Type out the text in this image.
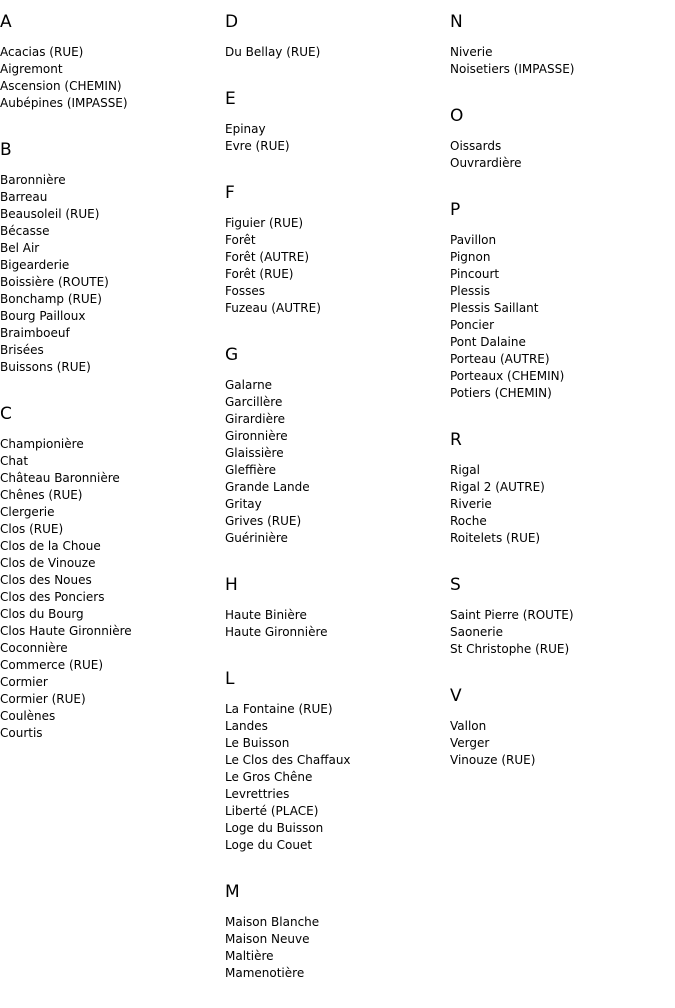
A
Acacias (RUE)
Aigremont
Ascension (CHEMIN)
Aubépines (IMPASSE)
B
Baronnière
Barreau
Beausoleil (RUE)
Bécasse
Bel Air
Bigearderie
Boissière (ROUTE)
Bonchamp (RUE)
Bourg Pailloux
Braimboeuf
Brisées
Buissons (RUE)
C
Championière
Chat
Château Baronnière
Chênes (RUE)
Clergerie
Clos (RUE)
Clos de la Choue
Clos de Vinouze
Clos des Noues
Clos des Ponciers
Clos du Bourg
Clos Haute Gironnière
Coconnière
Commerce (RUE)
Cormier
Cormier (RUE)
Coulènes
Courtis
D
Du Bellay (RUE)
E
Epinay
Evre (RUE)
F
Figuier (RUE)
Forêt
Forêt (AUTRE)
Forêt (RUE)
Fosses
Fuzeau (AUTRE)
G
Galarne
Garcillère
Girardière
Gironnière
Glaissière
Gleffière
Grande Lande
Gritay
Grives (RUE)
Guérinière
H
Haute Binière
Haute Gironnière
L
La Fontaine (RUE)
Landes
Le Buisson
Le Clos des Chaffaux
Le Gros Chêne
Levrettries
Liberté (PLACE)
Loge du Buisson
Loge du Couet
M
Maison Blanche
Maison Neuve
Maltière
Mamenotière
N
Niverie
Noisetiers (IMPASSE)
O
Oissards
Ouvrardière
P
Pavillon
Pignon
Pincourt
Plessis
Plessis Saillant
Poncier
Pont Dalaine
Porteau (AUTRE)
Porteaux (CHEMIN)
Potiers (CHEMIN)
R
Rigal
Rigal 2 (AUTRE)
Riverie
Roche
Roitelets (RUE)
S
Saint Pierre (ROUTE)
Saonerie
St Christophe (RUE)
V
Vallon
Verger
Vinouze (RUE)
